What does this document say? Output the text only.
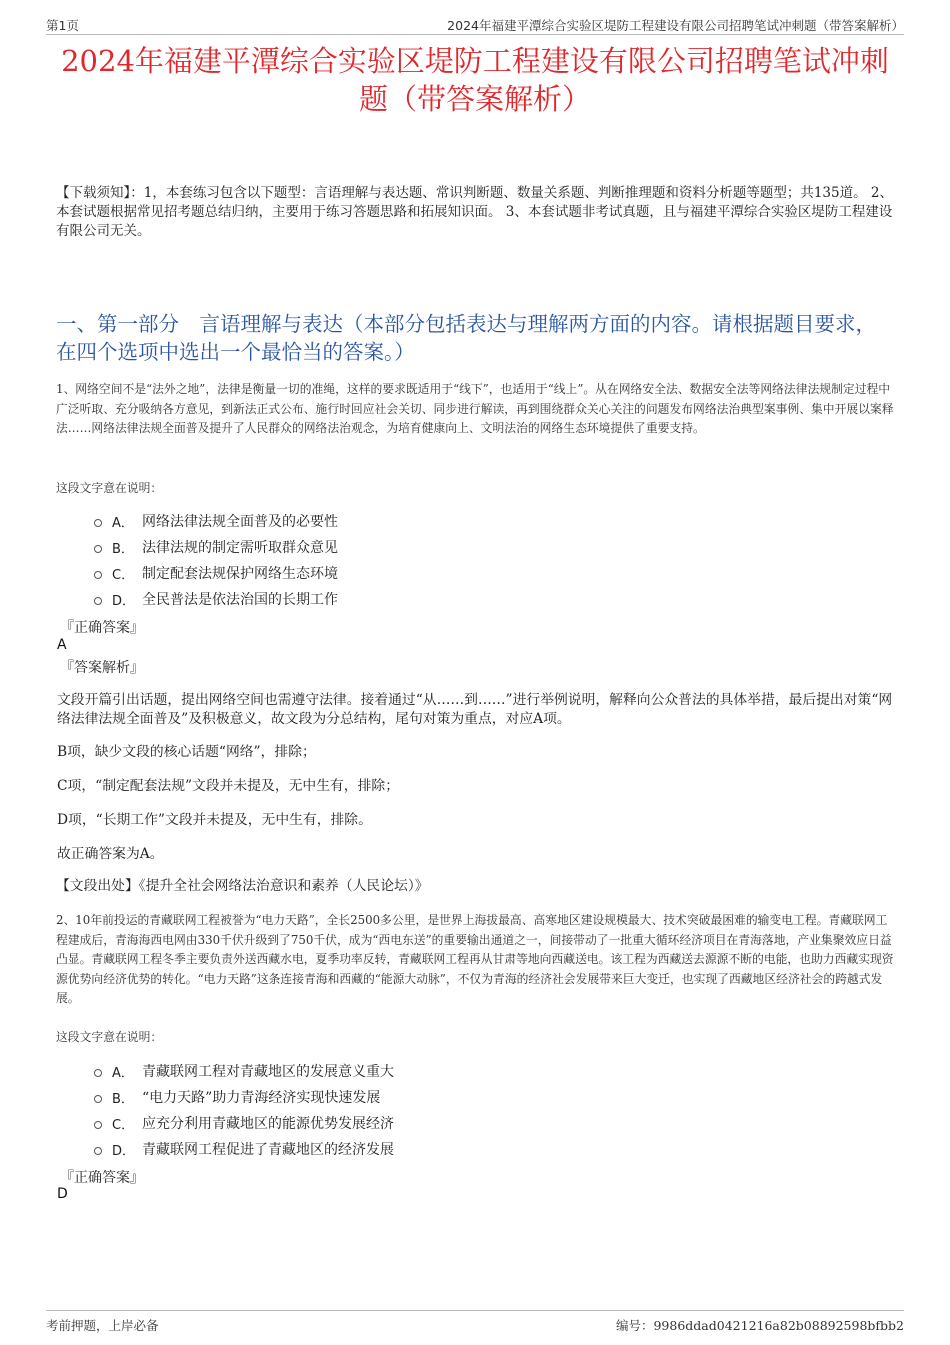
第1页	2024年福建平潭综合实验区堤防工程建设有限公司招聘笔试冲刺题（带答案解析）
2024年福建平潭综合实验区堤防工程建设有限公司招聘笔试冲刺题（带答案解析）
【下载须知】：1，本套练习包含以下题型：言语理解与表达题、常识判断题、数量关系题、判断推理题和资料分析题等题型；共135道。 2、本套试题根据常见招考题总结归纳，主要用于练习答题思路和拓展知识面。 3、本套试题非考试真题，且与福建平潭综合实验区堤防工程建设有限公司无关。
一、第一部分　言语理解与表达（本部分包括表达与理解两方面的内容。请根据题目要求，在四个选项中选出一个最恰当的答案。）
1、网络空间不是“法外之地”，法律是衡量一切的准绳，这样的要求既适用于“线下”，也适用于“线上”。从在网络安全法、数据安全法等网络法律法规制定过程中广泛听取、充分吸纳各方意见，到新法正式公布、施行时回应社会关切、同步进行解读，再到围绕群众关心关注的问题发布网络法治典型案事例、集中开展以案释法……网络法律法规全面普及提升了人民群众的网络法治观念，为培育健康向上、文明法治的网络生态环境提供了重要支持。
这段文字意在说明：
A． 网络法律法规全面普及的必要性
B． 法律法规的制定需听取群众意见
C． 制定配套法规保护网络生态环境
D． 全民普法是依法治国的长期工作
『正确答案』
A
『答案解析』
文段开篇引出话题，提出网络空间也需遵守法律。接着通过“从……到……”进行举例说明，解释向公众普法的具体举措，最后提出对策“网络法律法规全面普及”及积极意义，故文段为分总结构，尾句对策为重点，对应A项。
B项，缺少文段的核心话题“网络”，排除；
C项，“制定配套法规”文段并未提及，无中生有，排除；
D项，“长期工作”文段并未提及，无中生有，排除。
故正确答案为A。
【文段出处】《提升全社会网络法治意识和素养（人民论坛）》
2、10年前投运的青藏联网工程被誉为“电力天路”，全长2500多公里，是世界上海拔最高、高寒地区建设规模最大、技术突破最困难的输变电工程。青藏联网工程建成后，青海海西电网由330千伏升级到了750千伏，成为“西电东送”的重要输出通道之一，间接带动了一批重大循环经济项目在青海落地，产业集聚效应日益凸显。青藏联网工程冬季主要负责外送西藏水电，夏季功率反转，青藏联网工程再从甘肃等地向西藏送电。该工程为西藏送去源源不断的电能，也助力西藏实现资源优势向经济优势的转化。“电力天路”这条连接青海和西藏的“能源大动脉”，不仅为青海的经济社会发展带来巨大变迁，也实现了西藏地区经济社会的跨越式发展。
这段文字意在说明：
A． 青藏联网工程对青藏地区的发展意义重大
B． “电力天路”助力青海经济实现快速发展
C． 应充分利用青藏地区的能源优势发展经济
D． 青藏联网工程促进了青藏地区的经济发展
『正确答案』
D
考前押题，上岸必备	编号：9986ddad0421216a82b08892598bfbb2
